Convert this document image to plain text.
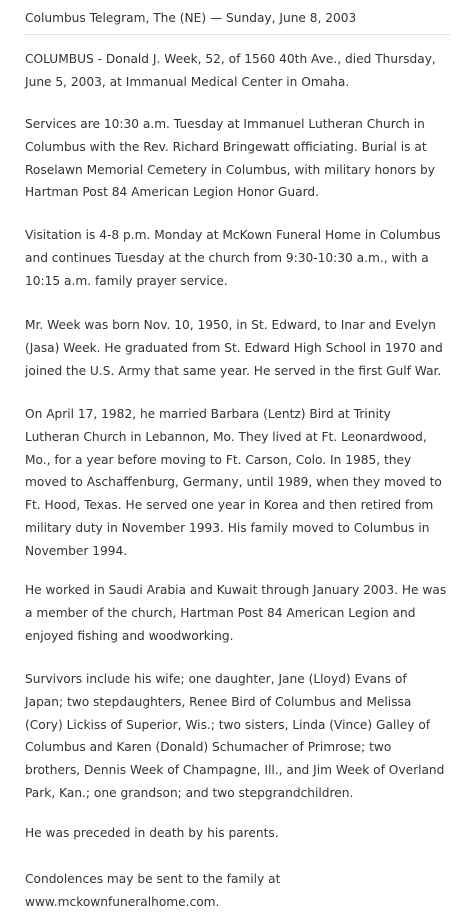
Columbus Telegram, The (NE) — Sunday, June 8, 2003

COLUMBUS - Donald J. Week, 52, of 1560 40th Ave., died Thursday,
June 5, 2003, at Immanual Medical Center in Omaha.

Services are 10:30 a.m. Tuesday at Immanuel Lutheran Church in
Columbus with the Rev. Richard Bringewatt officiating. Burial is at
Roselawn Memorial Cemetery in Columbus, with military honors by
Hartman Post 84 American Legion Honor Guard.

Visitation is 4-8 p.m. Monday at McKown Funeral Home in Columbus
and continues Tuesday at the church from 9:30-10:30 a.m., with a
10:15 a.m. family prayer service.

Mr. Week was born Nov. 10, 1950, in St. Edward, to Inar and Evelyn
(Jasa) Week. He graduated from St. Edward High School in 1970 and
joined the U.S. Army that same year. He served in the first Gulf War.

On April 17, 1982, he married Barbara (Lentz) Bird at Trinity
Lutheran Church in Lebannon, Mo. They lived at Ft. Leonardwood,
Mo., for a year before moving to Ft. Carson, Colo. In 1985, they
moved to Aschaffenburg, Germany, until 1989, when they moved to
Ft. Hood, Texas. He served one year in Korea and then retired from
military duty in November 1993. His family moved to Columbus in
November 1994.

He worked in Saudi Arabia and Kuwait through January 2003. He was
a member of the church, Hartman Post 84 American Legion and
enjoyed fishing and woodworking.

Survivors include his wife; one daughter, Jane (Lloyd) Evans of
Japan; two stepdaughters, Renee Bird of Columbus and Melissa
(Cory) Lickiss of Superior, Wis.; two sisters, Linda (Vince) Galley of
Columbus and Karen (Donald) Schumacher of Primrose; two
brothers, Dennis Week of Champagne, Ill., and Jim Week of Overland
Park, Kan.; one grandson; and two stepgrandchildren.

He was preceded in death by his parents.

Condolences may be sent to the family at
www.mckownfuneralhome.com.
